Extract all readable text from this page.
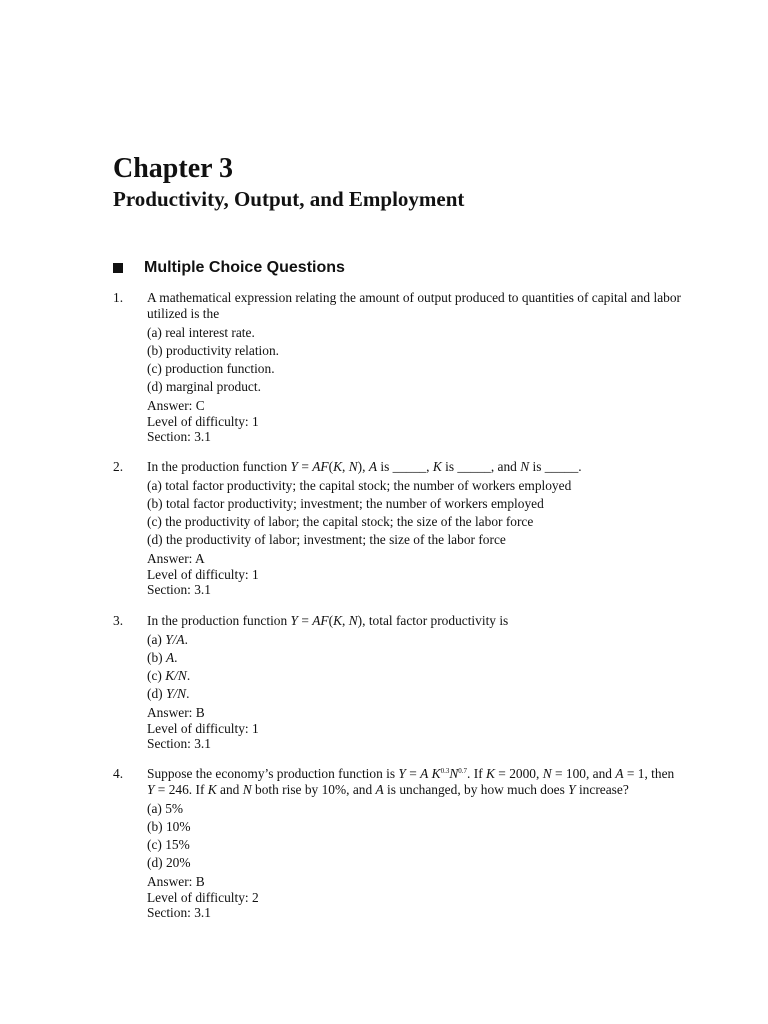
Chapter 3
Productivity, Output, and Employment
Multiple Choice Questions
1.	A mathematical expression relating the amount of output produced to quantities of capital and labor
utilized is the
(a) real interest rate.
(b) productivity relation.
(c) production function.
(d) marginal product.
Answer: C
Level of difficulty: 1
Section: 3.1
2.	In the production function Y = AF(K, N), A is _____, K is _____, and N is _____.
(a) total factor productivity; the capital stock; the number of workers employed
(b) total factor productivity; investment; the number of workers employed
(c) the productivity of labor; the capital stock; the size of the labor force
(d) the productivity of labor; investment; the size of the labor force
Answer: A
Level of difficulty: 1
Section: 3.1
3.	In the production function Y = AF(K, N), total factor productivity is
(a) Y/A.
(b) A.
(c) K/N.
(d) Y/N.
Answer: B
Level of difficulty: 1
Section: 3.1
4.	Suppose the economy’s production function is Y = A $K^{0.3}N^{0.7}$. If K = 2000, N = 100, and A = 1, then
Y = 246. If K and N both rise by 10%, and A is unchanged, by how much does Y increase?
(a) 5%
(b) 10%
(c) 15%
(d) 20%
Answer: B
Level of difficulty: 2
Section: 3.1
